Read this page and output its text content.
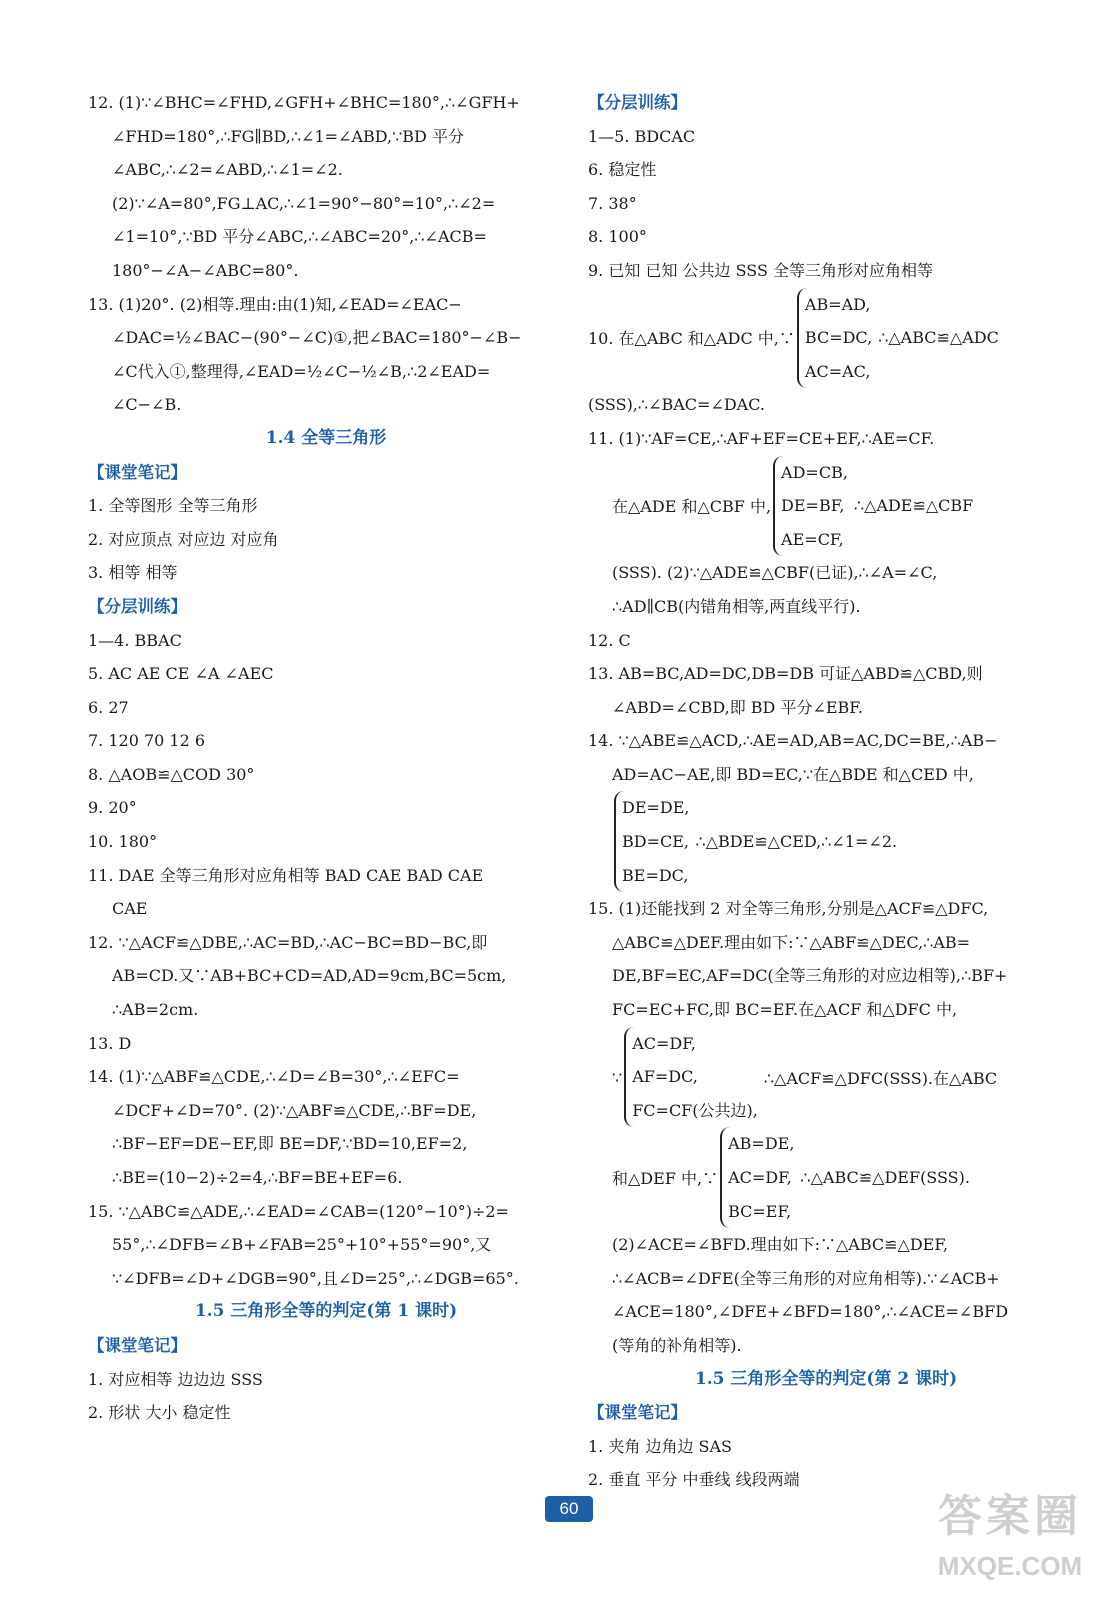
12. (1)∵∠BHC=∠FHD,∠GFH+∠BHC=180°,∴∠GFH+
∠FHD=180°,∴FG∥BD,∴∠1=∠ABD,∵BD 平分
∠ABC,∴∠2=∠ABD,∴∠1=∠2.
(2)∵∠A=80°,FG⊥AC,∴∠1=90°−80°=10°,∴∠2=
∠1=10°,∵BD 平分∠ABC,∴∠ABC=20°,∴∠ACB=
180°−∠A−∠ABC=80°.
13. (1)20°. (2)相等.理由:由(1)知,∠EAD=∠EAC−
∠DAC=½∠BAC−(90°−∠C)①,把∠BAC=180°−∠B−
∠C代入①,整理得,∠EAD=½∠C−½∠B,∴2∠EAD=
∠C−∠B.
1.4 全等三角形
【课堂笔记】
1. 全等图形 全等三角形
2. 对应顶点 对应边 对应角
3. 相等 相等
【分层训练】
1—4. BBAC
5. AC AE CE ∠A ∠AEC
6. 27
7. 120 70 12 6
8. △AOB≌△COD 30°
9. 20°
10. 180°
11. DAE 全等三角形对应角相等 BAD CAE BAD CAE
CAE
12. ∵△ACF≌△DBE,∴AC=BD,∴AC−BC=BD−BC,即
AB=CD.又∵AB+BC+CD=AD,AD=9cm,BC=5cm,
∴AB=2cm.
13. D
14. (1)∵△ABF≌△CDE,∴∠D=∠B=30°,∴∠EFC=
∠DCF+∠D=70°. (2)∵△ABF≌△CDE,∴BF=DE,
∴BF−EF=DE−EF,即 BE=DF,∵BD=10,EF=2,
∴BE=(10−2)÷2=4,∴BF=BE+EF=6.
15. ∵△ABC≌△ADE,∴∠EAD=∠CAB=(120°−10°)÷2=
55°,∴∠DFB=∠B+∠FAB=25°+10°+55°=90°,又
∵∠DFB=∠D+∠DGB=90°,且∠D=25°,∴∠DGB=65°.
1.5 三角形全等的判定(第 1 课时)
【课堂笔记】
1. 对应相等 边边边 SSS
2. 形状 大小 稳定性
【分层训练】
1—5. BDCAC
6. 稳定性
7. 38°
8. 100°
9. 已知 已知 公共边 SSS 全等三角形对应角相等
10. 在△ABC 和△ADC 中,∵
AB=AD,
BC=DC,
AC=AC,
∴△ABC≌△ADC
(SSS),∴∠BAC=∠DAC.
11. (1)∵AF=CE,∴AF+EF=CE+EF,∴AE=CF.
在△ADE 和△CBF 中,
AD=CB,
DE=BF,
AE=CF,
∴△ADE≌△CBF
(SSS). (2)∵△ADE≌△CBF(已证),∴∠A=∠C,
∴AD∥CB(内错角相等,两直线平行).
12. C
13. AB=BC,AD=DC,DB=DB 可证△ABD≌△CBD,则
∠ABD=∠CBD,即 BD 平分∠EBF.
14. ∵△ABE≌△ACD,∴AE=AD,AB=AC,DC=BE,∴AB−
AD=AC−AE,即 BD=EC,∵在△BDE 和△CED 中,
DE=DE,
BD=CE,
BE=DC,
∴△BDE≌△CED,∴∠1=∠2.
15. (1)还能找到 2 对全等三角形,分别是△ACF≌△DFC,
△ABC≌△DEF.理由如下:∵△ABF≌△DEC,∴AB=
DE,BF=EC,AF=DC(全等三角形的对应边相等),∴BF+
FC=EC+FC,即 BC=EF.在△ACF 和△DFC 中,
∵
AC=DF,
AF=DC,
FC=CF(公共边),
∴△ACF≌△DFC(SSS).在△ABC
和△DEF 中,∵
AB=DE,
AC=DF,
BC=EF,
∴△ABC≌△DEF(SSS).
(2)∠ACE=∠BFD.理由如下:∵△ABC≌△DEF,
∴∠ACB=∠DFE(全等三角形的对应角相等).∵∠ACB+
∠ACE=180°,∠DFE+∠BFD=180°,∴∠ACE=∠BFD
(等角的补角相等).
1.5 三角形全等的判定(第 2 课时)
【课堂笔记】
1. 夹角 边角边 SAS
2. 垂直 平分 中垂线 线段两端
60	答案圈
MXQE.COM
